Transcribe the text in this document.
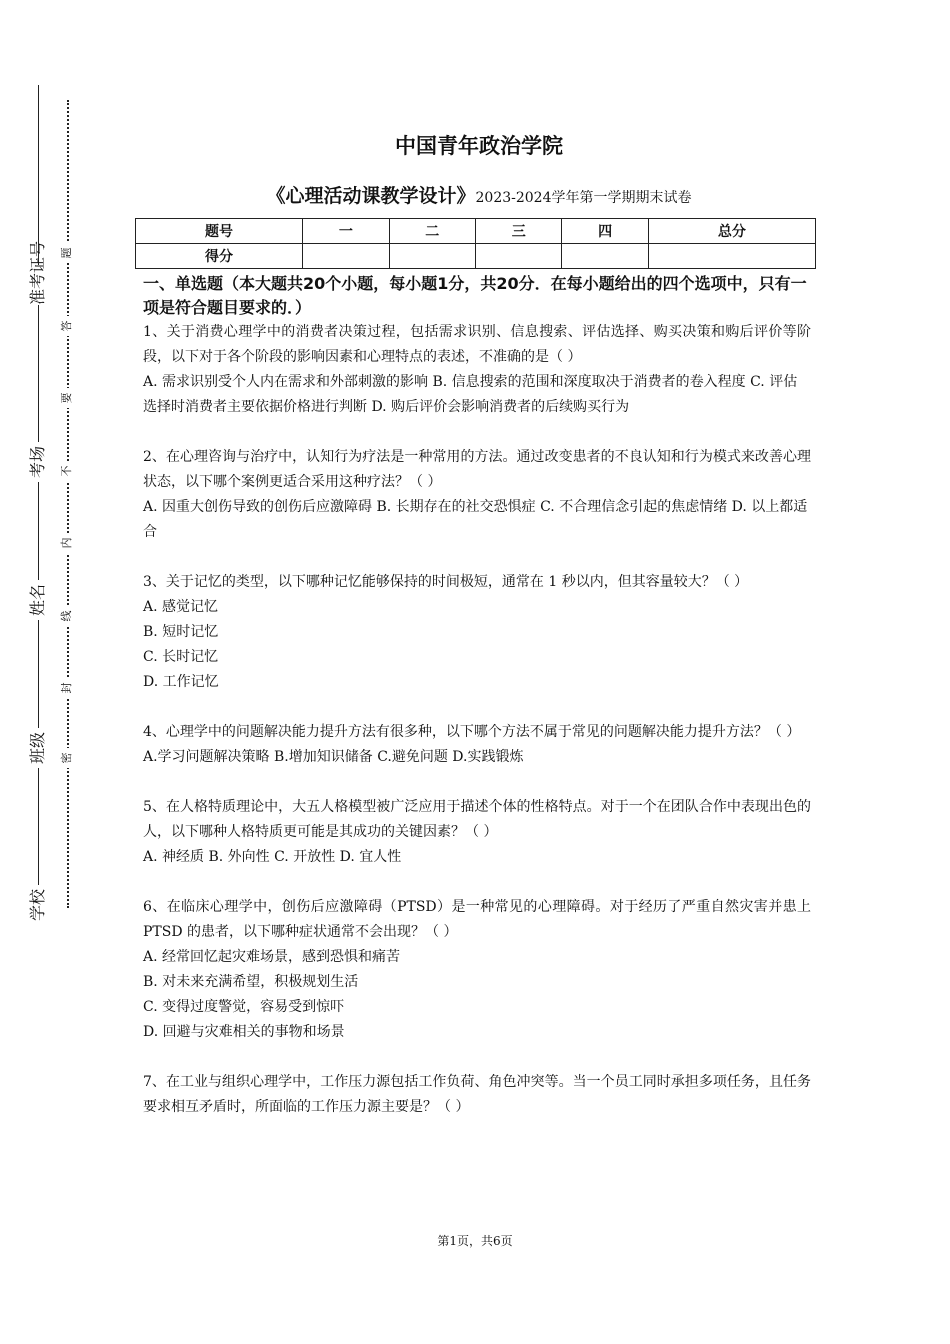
准考证号
考场
姓名
班级
学校
题
答
要
不
内
线
封
密
中国青年政治学院
《心理活动课教学设计》2023-2024学年第一学期期末试卷
题号	一	二	三	四	总分
得分					
一、单选题（本大题共20个小题，每小题1分，共20分．在每小题给出的四个选项中，只有一项是符合题目要求的．）

1、关于消费心理学中的消费者决策过程，包括需求识别、信息搜索、评估选择、购买决策和购后评价等阶段，以下对于各个阶段的影响因素和心理特点的表述，不准确的是（ ）

A. 需求识别受个人内在需求和外部刺激的影响 B. 信息搜索的范围和深度取决于消费者的卷入程度 C. 评估选择时消费者主要依据价格进行判断 D. 购后评价会影响消费者的后续购买行为

2、在心理咨询与治疗中，认知行为疗法是一种常用的方法。通过改变患者的不良认知和行为模式来改善心理状态，以下哪个案例更适合采用这种疗法？（ ）

A. 因重大创伤导致的创伤后应激障碍 B. 长期存在的社交恐惧症 C. 不合理信念引起的焦虑情绪 D. 以上都适合

3、关于记忆的类型，以下哪种记忆能够保持的时间极短，通常在 1 秒以内，但其容量较大？（ ）

A. 感觉记忆

B. 短时记忆

C. 长时记忆

D. 工作记忆

4、心理学中的问题解决能力提升方法有很多种，以下哪个方法不属于常见的问题解决能力提升方法？（ ）

A.学习问题解决策略 B.增加知识储备 C.避免问题 D.实践锻炼

5、在人格特质理论中，大五人格模型被广泛应用于描述个体的性格特点。对于一个在团队合作中表现出色的人，以下哪种人格特质更可能是其成功的关键因素？（ ）

A. 神经质 B. 外向性 C. 开放性 D. 宜人性

6、在临床心理学中，创伤后应激障碍（PTSD）是一种常见的心理障碍。对于经历了严重自然灾害并患上 PTSD 的患者，以下哪种症状通常不会出现？（ ）

A. 经常回忆起灾难场景，感到恐惧和痛苦

B. 对未来充满希望，积极规划生活

C. 变得过度警觉，容易受到惊吓

D. 回避与灾难相关的事物和场景

7、在工业与组织心理学中，工作压力源包括工作负荷、角色冲突等。当一个员工同时承担多项任务，且任务要求相互矛盾时，所面临的工作压力源主要是？（ ）

第1页，共6页
